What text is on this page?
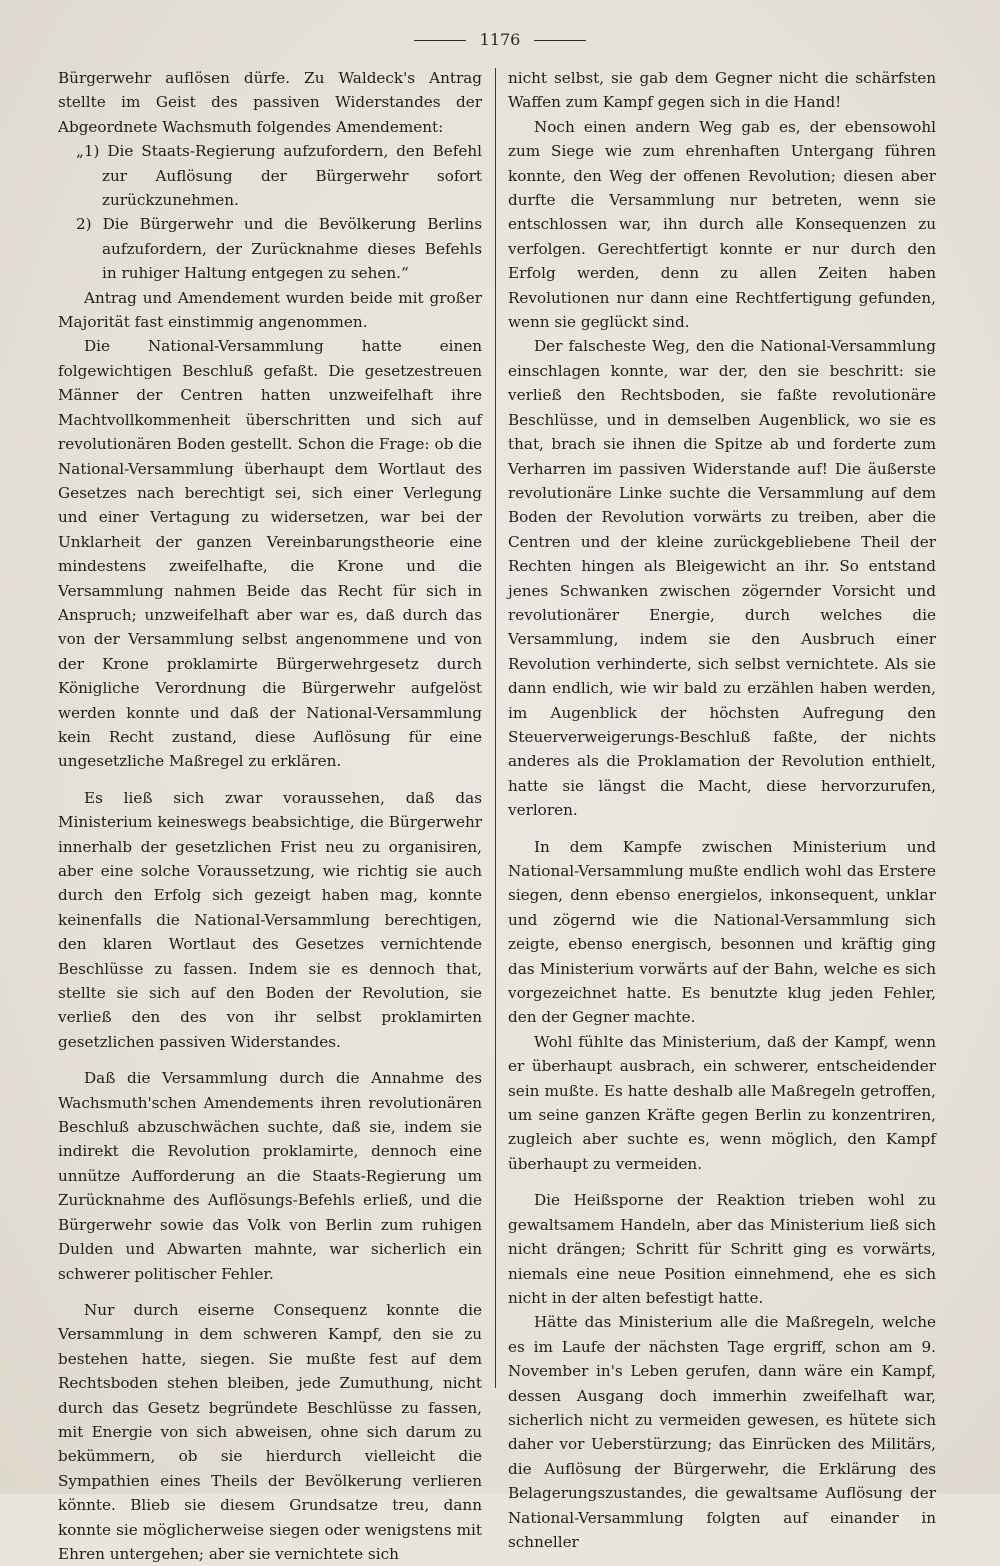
1176

Bürgerwehr auflösen dürfe. Zu Waldeck's Antrag stellte im Geist des passiven Widerstandes der Abgeordnete Wachsmuth folgendes Amendement:

„1) Die Staats-Regierung aufzufordern, den Befehl zur Auflösung der Bürgerwehr sofort zurückzunehmen.

2) Die Bürgerwehr und die Bevölkerung Berlins aufzufordern, der Zurücknahme dieses Befehls in ruhiger Haltung entgegen zu sehen.“

Antrag und Amendement wurden beide mit großer Majorität fast einstimmig angenommen.

Die National-Versammlung hatte einen folgewichtigen Beschluß gefaßt. Die gesetzestreuen Männer der Centren hatten unzweifelhaft ihre Machtvollkommenheit überschritten und sich auf revolutionären Boden gestellt. Schon die Frage: ob die National-Versammlung überhaupt dem Wortlaut des Gesetzes nach berechtigt sei, sich einer Verlegung und einer Vertagung zu widersetzen, war bei der Unklarheit der ganzen Vereinbarungstheorie eine mindestens zweifelhafte, die Krone und die Versammlung nahmen Beide das Recht für sich in Anspruch; unzweifelhaft aber war es, daß durch das von der Versammlung selbst angenommene und von der Krone proklamirte Bürgerwehrgesetz durch Königliche Verordnung die Bürgerwehr aufgelöst werden konnte und daß der National-Versammlung kein Recht zustand, diese Auflösung für eine ungesetzliche Maßregel zu erklären.

Es ließ sich zwar voraussehen, daß das Ministerium keineswegs beabsichtige, die Bürgerwehr innerhalb der gesetzlichen Frist neu zu organisiren, aber eine solche Voraussetzung, wie richtig sie auch durch den Erfolg sich gezeigt haben mag, konnte keinenfalls die National-Versammlung berechtigen, den klaren Wortlaut des Gesetzes vernichtende Beschlüsse zu fassen. Indem sie es dennoch that, stellte sie sich auf den Boden der Revolution, sie verließ den des von ihr selbst proklamirten gesetzlichen passiven Widerstandes.

Daß die Versammlung durch die Annahme des Wachsmuth'schen Amendements ihren revolutionären Beschluß abzuschwächen suchte, daß sie, indem sie indirekt die Revolution proklamirte, dennoch eine unnütze Aufforderung an die Staats-Regierung um Zurücknahme des Auflösungs-Befehls erließ, und die Bürgerwehr sowie das Volk von Berlin zum ruhigen Dulden und Abwarten mahnte, war sicherlich ein schwerer politischer Fehler.

Nur durch eiserne Consequenz konnte die Versammlung in dem schweren Kampf, den sie zu bestehen hatte, siegen. Sie mußte fest auf dem Rechtsboden stehen bleiben, jede Zumuthung, nicht durch das Gesetz begründete Beschlüsse zu fassen, mit Energie von sich abweisen, ohne sich darum zu bekümmern, ob sie hierdurch vielleicht die Sympathien eines Theils der Bevölkerung verlieren könnte. Blieb sie diesem Grundsatze treu, dann konnte sie möglicherweise siegen oder wenigstens mit Ehren untergehen; aber sie vernichtete sich

nicht selbst, sie gab dem Gegner nicht die schärfsten Waffen zum Kampf gegen sich in die Hand!

Noch einen andern Weg gab es, der ebensowohl zum Siege wie zum ehrenhaften Untergang führen konnte, den Weg der offenen Revolution; diesen aber durfte die Versammlung nur betreten, wenn sie entschlossen war, ihn durch alle Konsequenzen zu verfolgen. Gerechtfertigt konnte er nur durch den Erfolg werden, denn zu allen Zeiten haben Revolutionen nur dann eine Rechtfertigung gefunden, wenn sie geglückt sind.

Der falscheste Weg, den die National-Versammlung einschlagen konnte, war der, den sie beschritt: sie verließ den Rechtsboden, sie faßte revolutionäre Beschlüsse, und in demselben Augenblick, wo sie es that, brach sie ihnen die Spitze ab und forderte zum Verharren im passiven Widerstande auf! Die äußerste revolutionäre Linke suchte die Versammlung auf dem Boden der Revolution vorwärts zu treiben, aber die Centren und der kleine zurückgebliebene Theil der Rechten hingen als Bleigewicht an ihr. So entstand jenes Schwanken zwischen zögernder Vorsicht und revolutionärer Energie, durch welches die Versammlung, indem sie den Ausbruch einer Revolution verhinderte, sich selbst vernichtete. Als sie dann endlich, wie wir bald zu erzählen haben werden, im Augenblick der höchsten Aufregung den Steuerverweigerungs-Beschluß faßte, der nichts anderes als die Proklamation der Revolution enthielt, hatte sie längst die Macht, diese hervorzurufen, verloren.

In dem Kampfe zwischen Ministerium und National-Versammlung mußte endlich wohl das Erstere siegen, denn ebenso energielos, inkonsequent, unklar und zögernd wie die National-Versammlung sich zeigte, ebenso energisch, besonnen und kräftig ging das Ministerium vorwärts auf der Bahn, welche es sich vorgezeichnet hatte. Es benutzte klug jeden Fehler, den der Gegner machte.

Wohl fühlte das Ministerium, daß der Kampf, wenn er überhaupt ausbrach, ein schwerer, entscheidender sein mußte. Es hatte deshalb alle Maßregeln getroffen, um seine ganzen Kräfte gegen Berlin zu konzentriren, zugleich aber suchte es, wenn möglich, den Kampf überhaupt zu vermeiden.

Die Heißsporne der Reaktion trieben wohl zu gewaltsamem Handeln, aber das Ministerium ließ sich nicht drängen; Schritt für Schritt ging es vorwärts, niemals eine neue Position einnehmend, ehe es sich nicht in der alten befestigt hatte.

Hätte das Ministerium alle die Maßregeln, welche es im Laufe der nächsten Tage ergriff, schon am 9. November in's Leben gerufen, dann wäre ein Kampf, dessen Ausgang doch immerhin zweifelhaft war, sicherlich nicht zu vermeiden gewesen, es hütete sich daher vor Ueberstürzung; das Einrücken des Militärs, die Auflösung der Bürgerwehr, die Erklärung des Belagerungszustandes, die gewaltsame Auflösung der National-Versammlung folgten auf einander in schneller
